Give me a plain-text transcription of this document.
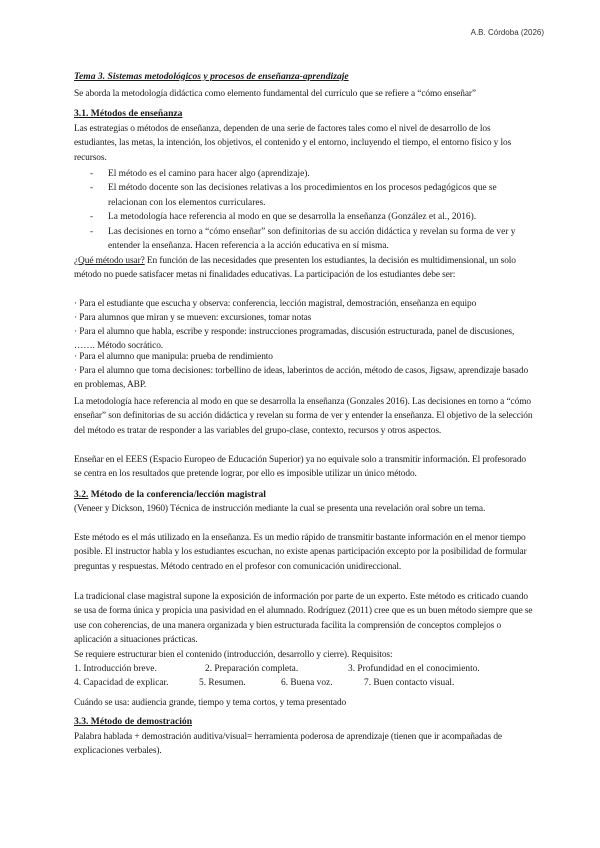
A.B. Córdoba (2026)
Tema 3. Sistemas metodológicos y procesos de enseñanza-aprendizaje

Se aborda la metodología didáctica como elemento fundamental del currículo que se refiere a “cómo enseñar”

3.1. Métodos de enseñanza

Las estrategias o métodos de enseñanza, dependen de una serie de factores tales como el nivel de desarrollo de los estudiantes, las metas, la intención, los objetivos, el contenido y el entorno, incluyendo el tiempo, el entorno físico y los recursos.

- El método es el camino para hacer algo (aprendizaje).
- El método docente son las decisiones relativas a los procedimientos en los procesos pedagógicos que se relacionan con los elementos curriculares.
- La metodología hace referencia al modo en que se desarrolla la enseñanza (González et al., 2016).
- Las decisiones en torno a “cómo enseñar” son definitorias de su acción didáctica y revelan su forma de ver y entender la enseñanza. Hacen referencia a la acción educativa en sí misma.

¿Qué método usar? En función de las necesidades que presenten los estudiantes, la decisión es multidimensional, un solo método no puede satisfacer metas ni finalidades educativas. La participación de los estudiantes debe ser:

· Para el estudiante que escucha y observa: conferencia, lección magistral, demostración, enseñanza en equipo

· Para alumnos que miran y se mueven: excursiones, tomar notas

· Para el alumno que habla, escribe y responde: instrucciones programadas, discusión estructurada, panel de discusiones, ……. Método socrático.

· Para el alumno que manipula: prueba de rendimiento

· Para el alumno que toma decisiones: torbellino de ideas, laberintos de acción, método de casos, Jigsaw, aprendizaje basado en problemas, ABP.

La metodología hace referencia al modo en que se desarrolla la enseñanza (Gonzales 2016). Las decisiones en torno a “cómo enseñar” son definitorias de su acción didáctica y revelan su forma de ver y entender la enseñanza. El objetivo de la selección del método es tratar de responder a las variables del grupo-clase, contexto, recursos y otros aspectos.

Enseñar en el EEES (Espacio Europeo de Educación Superior) ya no equivale solo a transmitir información. El profesorado se centra en los resultados que pretende lograr, por ello es imposible utilizar un único método.

3.2. Método de la conferencia/lección magistral

(Veneer y Dickson, 1960) Técnica de instrucción mediante la cual se presenta una revelación oral sobre un tema.

Este método es el más utilizado en la enseñanza. Es un medio rápido de transmitir bastante información en el menor tiempo posible. El instructor habla y los estudiantes escuchan, no existe apenas participación excepto por la posibilidad de formular preguntas y respuestas. Método centrado en el profesor con comunicación unidireccional.

La tradicional clase magistral supone la exposición de información por parte de un experto. Este método es criticado cuando se usa de forma única y propicia una pasividad en el alumnado. Rodríguez (2011) cree que es un buen método siempre que se use con coherencias, de una manera organizada y bien estructurada facilita la comprensión de conceptos complejos o aplicación a situaciones prácticas.

Se requiere estructurar bien el contenido (introducción, desarrollo y cierre). Requisitos:

1. Introducción breve.	2. Preparación completa.	3. Profundidad en el conocimiento.
4. Capacidad de explicar.	5. Resumen.	6. Buena voz.	7. Buen contacto visual.

Cuándo se usa: audiencia grande, tiempo y tema cortos, y tema presentado

3.3. Método de demostración

Palabra hablada + demostración auditiva/visual= herramienta poderosa de aprendizaje (tienen que ir acompañadas de explicaciones verbales).
